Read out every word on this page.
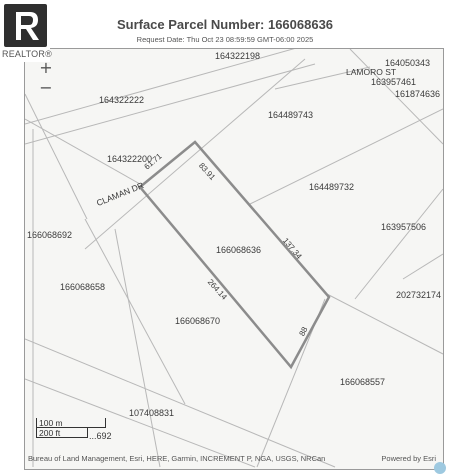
Surface Parcel Number: 166068636
Request Date: Thu Oct 23 08:59:59 GMT-06:00 2025
61.71	83.91
137.34
264.14
88
LAMORO ST
CLAMAN DR
166068636
164322198
164050343
163957461
161874636
164322222
164489743
164322200
164489732
166068692
163957506
166068658
202732174
166068670
166068557
107408831
...692
REALTOR®
+
−
100 m
200 ft
Bureau of Land Management, Esri, HERE, Garmin, INCREMENT P, NGA, USGS, NRCan	Powered by Esri
